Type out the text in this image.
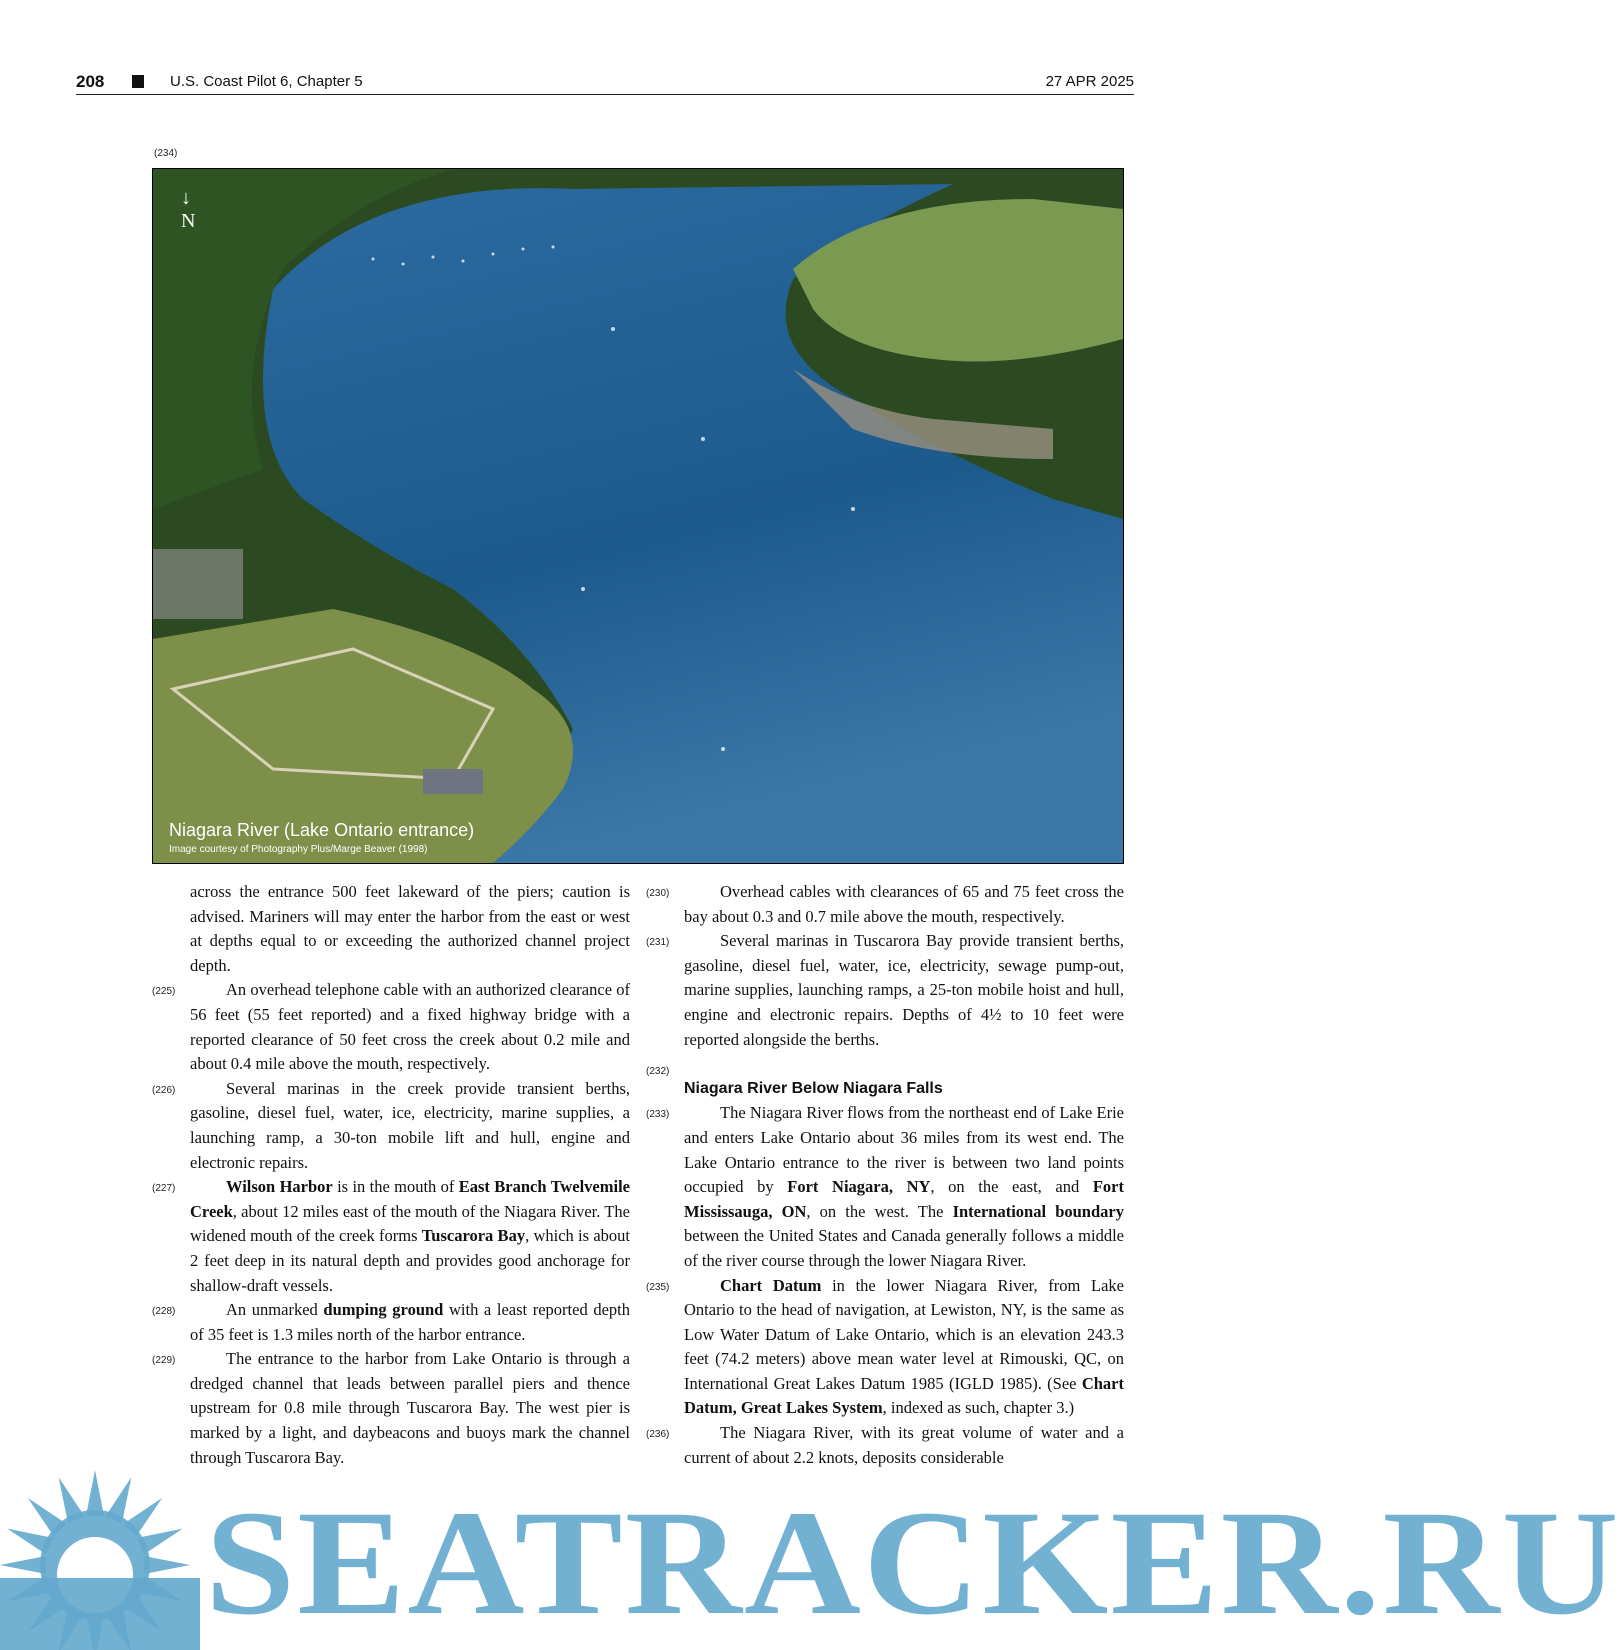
208	U.S. Coast Pilot 6, Chapter 5	27 APR 2025
(234)
↓
N
Niagara River (Lake Ontario entrance)
Image courtesy of Photography Plus/Marge Beaver (1998)

across the entrance 500 feet lakeward of the piers; caution is advised. Mariners will may enter the harbor from the east or west at depths equal to or exceeding the authorized channel project depth.

(225)	An overhead telephone cable with an authorized clearance of 56 feet (55 feet reported) and a fixed highway bridge with a reported clearance of 50 feet cross the creek about 0.2 mile and about 0.4 mile above the mouth, respectively.

(226)	Several marinas in the creek provide transient berths, gasoline, diesel fuel, water, ice, electricity, marine supplies, a launching ramp, a 30-ton mobile lift and hull, engine and electronic repairs.

(227)	Wilson Harbor is in the mouth of East Branch Twelvemile Creek, about 12 miles east of the mouth of the Niagara River. The widened mouth of the creek forms Tuscarora Bay, which is about 2 feet deep in its natural depth and provides good anchorage for shallow-draft vessels.

(228)	An unmarked dumping ground with a least reported depth of 35 feet is 1.3 miles north of the harbor entrance.

(229)	The entrance to the harbor from Lake Ontario is through a dredged channel that leads between parallel piers and thence upstream for 0.8 mile through Tuscarora Bay. The west pier is marked by a light, and daybeacons and buoys mark the channel through Tuscarora Bay.

(230)	Overhead cables with clearances of 65 and 75 feet cross the bay about 0.3 and 0.7 mile above the mouth, respectively.

(231)	Several marinas in Tuscarora Bay provide transient berths, gasoline, diesel fuel, water, ice, electricity, sewage pump-out, marine supplies, launching ramps, a 25-ton mobile hoist and hull, engine and electronic repairs. Depths of 4½ to 10 feet were reported alongside the berths.

(232)

Niagara River Below Niagara Falls

(233)	The Niagara River flows from the northeast end of Lake Erie and enters Lake Ontario about 36 miles from its west end. The Lake Ontario entrance to the river is between two land points occupied by Fort Niagara, NY, on the east, and Fort Mississauga, ON, on the west. The International boundary between the United States and Canada generally follows a middle of the river course through the lower Niagara River.

(235)	Chart Datum in the lower Niagara River, from Lake Ontario to the head of navigation, at Lewiston, NY, is the same as Low Water Datum of Lake Ontario, which is an elevation 243.3 feet (74.2 meters) above mean water level at Rimouski, QC, on International Great Lakes Datum 1985 (IGLD 1985). (See Chart Datum, Great Lakes System, indexed as such, chapter 3.)

(236)	The Niagara River, with its great volume of water and a current of about 2.2 knots, deposits considerable

SEATRACKER.RU
